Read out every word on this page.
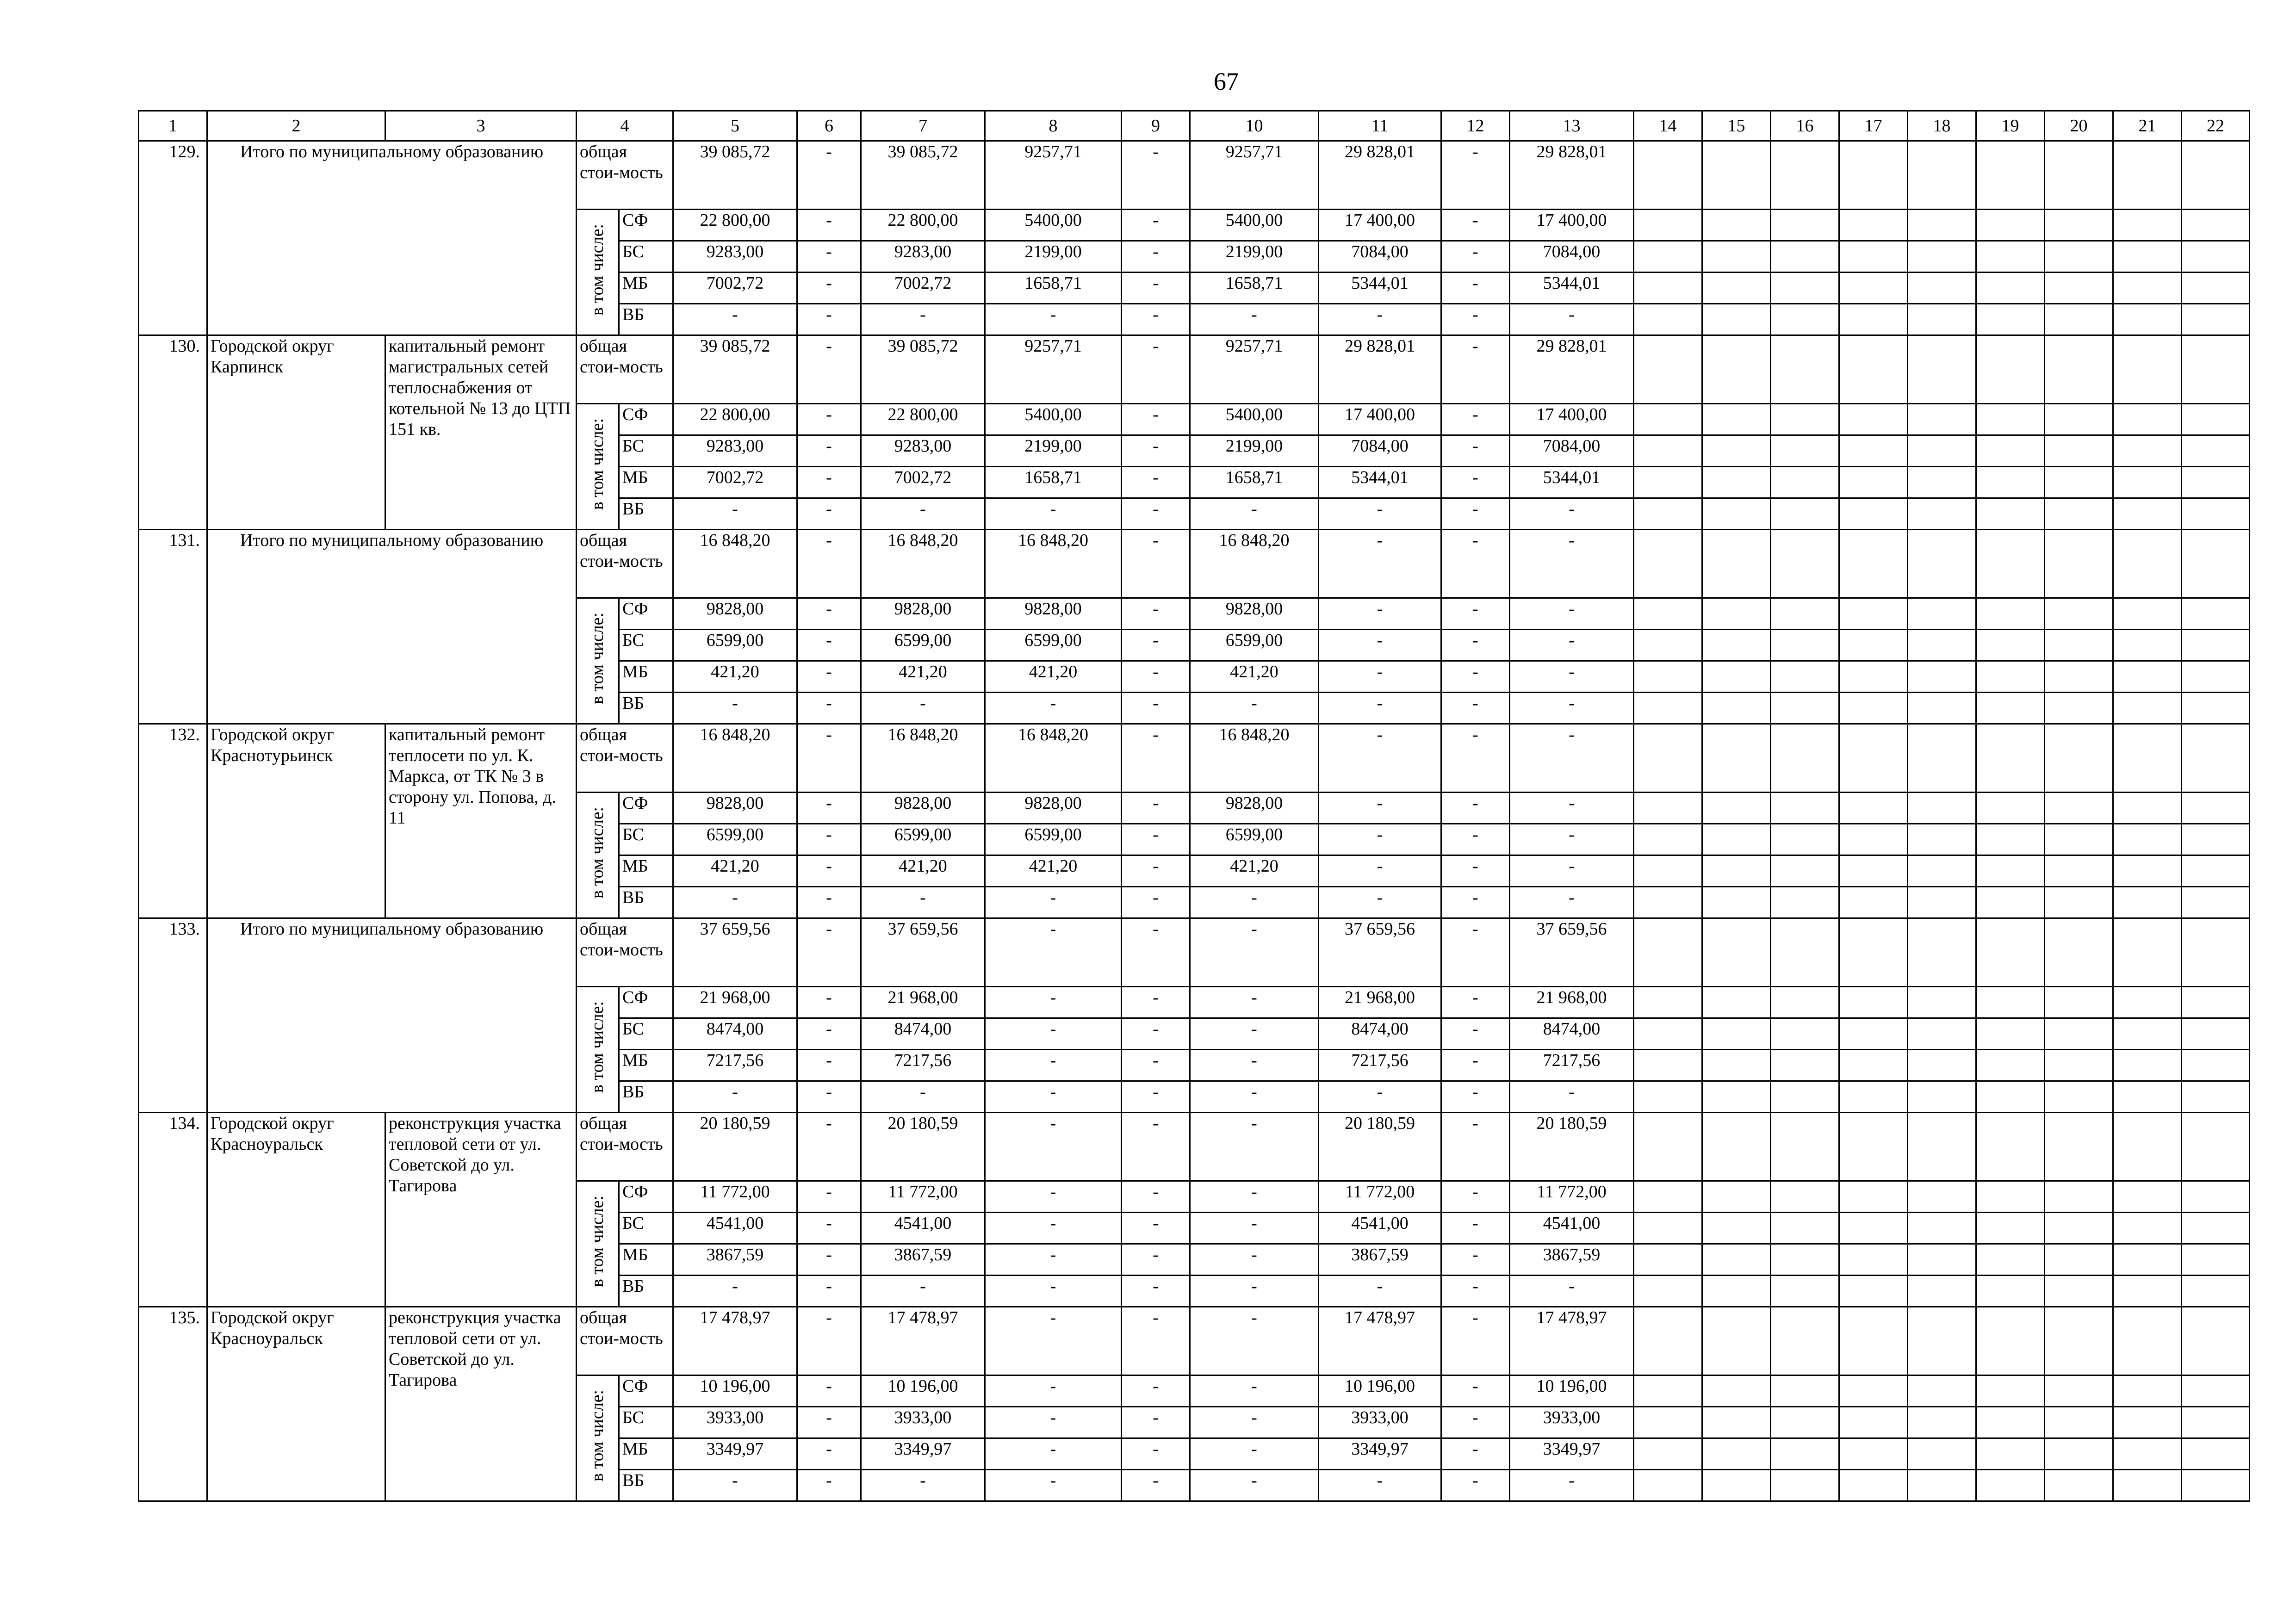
67
1	2	3	4		5	6	7	8	9	10	11	12	13	14	15	16	17	18	19	20	21	22
129.	Итого по муниципальному образованию		общая стои-мость		39 085,72	-	39 085,72	9257,71	-	9257,71	29 828,01	-	29 828,01									
			в том числе:	СФ	22 800,00	-	22 800,00	5400,00	-	5400,00	17 400,00	-	17 400,00									
				БС	9283,00	-	9283,00	2199,00	-	2199,00	7084,00	-	7084,00									
				МБ	7002,72	-	7002,72	1658,71	-	1658,71	5344,01	-	5344,01									
				ВБ	-	-	-	-	-	-	-	-	-									
130.	Городской округ Карпинск	капитальный ремонт магистральных сетей теплоснабжения от котельной № 13 до ЦТП 151 кв.	общая стои-мость		39 085,72	-	39 085,72	9257,71	-	9257,71	29 828,01	-	29 828,01									
			в том числе:	СФ	22 800,00	-	22 800,00	5400,00	-	5400,00	17 400,00	-	17 400,00									
				БС	9283,00	-	9283,00	2199,00	-	2199,00	7084,00	-	7084,00									
				МБ	7002,72	-	7002,72	1658,71	-	1658,71	5344,01	-	5344,01									
				ВБ	-	-	-	-	-	-	-	-	-									
131.	Итого по муниципальному образованию		общая стои-мость		16 848,20	-	16 848,20	16 848,20	-	16 848,20	-	-	-									
			в том числе:	СФ	9828,00	-	9828,00	9828,00	-	9828,00	-	-	-									
				БС	6599,00	-	6599,00	6599,00	-	6599,00	-	-	-									
				МБ	421,20	-	421,20	421,20	-	421,20	-	-	-									
				ВБ	-	-	-	-	-	-	-	-	-									
132.	Городской округ Краснотурьинск	капитальный ремонт теплосети по ул. К. Маркса, от ТК № 3 в сторону ул. Попова, д. 11	общая стои-мость		16 848,20	-	16 848,20	16 848,20	-	16 848,20	-	-	-									
			в том числе:	СФ	9828,00	-	9828,00	9828,00	-	9828,00	-	-	-									
				БС	6599,00	-	6599,00	6599,00	-	6599,00	-	-	-									
				МБ	421,20	-	421,20	421,20	-	421,20	-	-	-									
				ВБ	-	-	-	-	-	-	-	-	-									
133.	Итого по муниципальному образованию		общая стои-мость		37 659,56	-	37 659,56	-	-	-	37 659,56	-	37 659,56									
			в том числе:	СФ	21 968,00	-	21 968,00	-	-	-	21 968,00	-	21 968,00									
				БС	8474,00	-	8474,00	-	-	-	8474,00	-	8474,00									
				МБ	7217,56	-	7217,56	-	-	-	7217,56	-	7217,56									
				ВБ	-	-	-	-	-	-	-	-	-									
134.	Городской округ Красноуральск	реконструкция участка тепловой сети от ул. Советской до ул. Тагирова	общая стои-мость		20 180,59	-	20 180,59	-	-	-	20 180,59	-	20 180,59									
			в том числе:	СФ	11 772,00	-	11 772,00	-	-	-	11 772,00	-	11 772,00									
				БС	4541,00	-	4541,00	-	-	-	4541,00	-	4541,00									
				МБ	3867,59	-	3867,59	-	-	-	3867,59	-	3867,59									
				ВБ	-	-	-	-	-	-	-	-	-									
135.	Городской округ Красноуральск	реконструкция участка тепловой сети от ул. Советской до ул. Тагирова	общая стои-мость		17 478,97	-	17 478,97	-	-	-	17 478,97	-	17 478,97									
			в том числе:	СФ	10 196,00	-	10 196,00	-	-	-	10 196,00	-	10 196,00									
				БС	3933,00	-	3933,00	-	-	-	3933,00	-	3933,00									
				МБ	3349,97	-	3349,97	-	-	-	3349,97	-	3349,97									
				ВБ	-	-	-	-	-	-	-	-	-									
